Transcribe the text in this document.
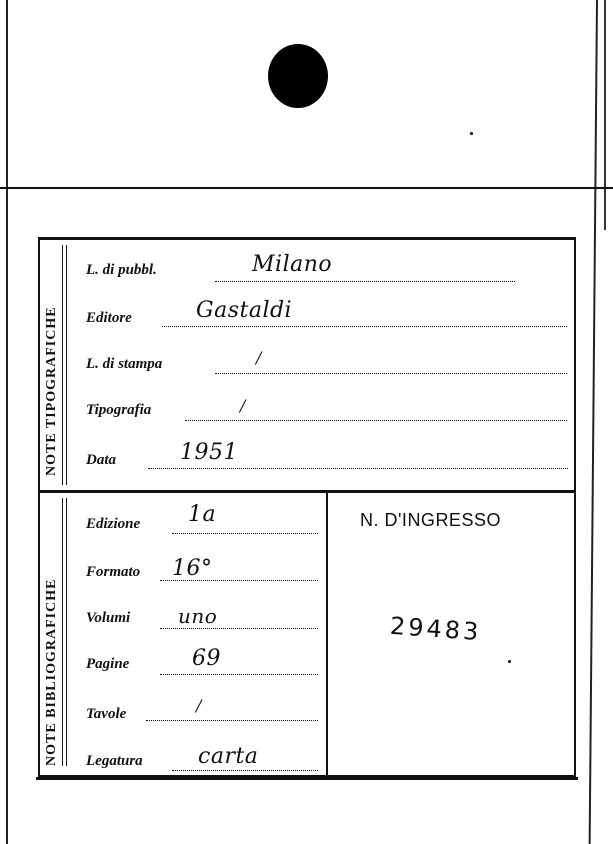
NOTE TIPOGRAFICHE
L. di pubbl.	Milano
Editore	Gastaldi
L. di stampa	/
Tipografia	/
Data	1951
NOTE BIBLIOGRAFICHE
Edizione 1a
Formato 16°
Volumi uno
Pagine	69
Tavole	/
Legatura	carta
N. D'INGRESSO
29483
